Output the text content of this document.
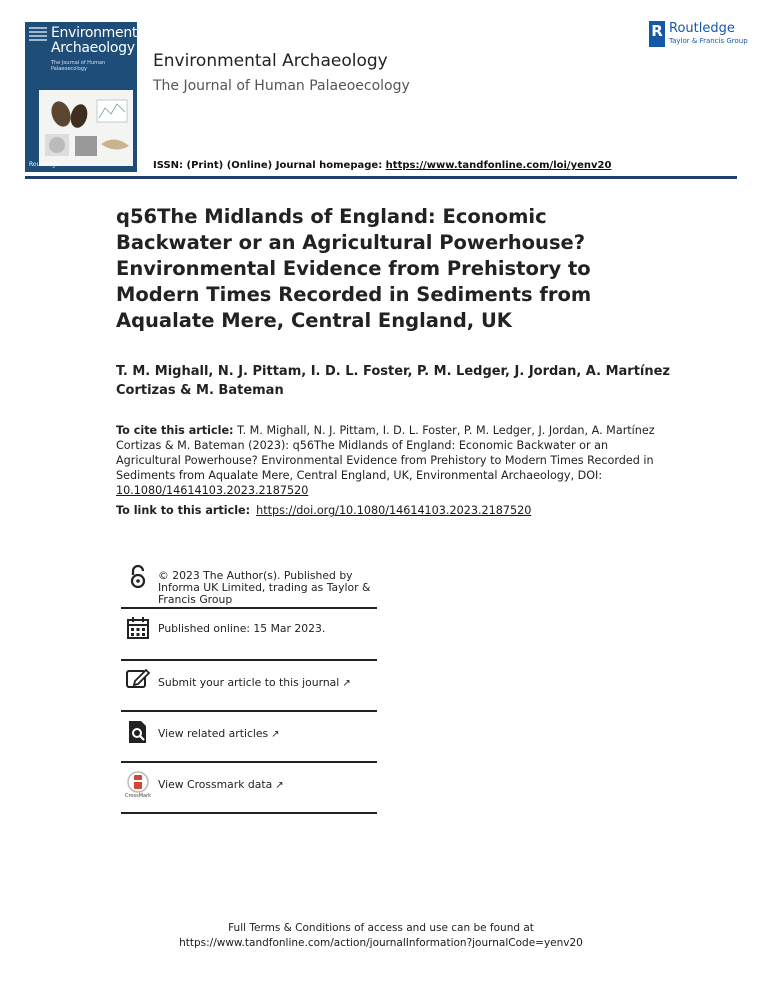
Environmental
Archaeology
The Journal of Human Palaeoecology
Routledge
Environmental Archaeology
The Journal of Human Palaeoecology
ISSN: (Print) (Online) Journal homepage: https://www.tandfonline.com/loi/yenv20
R Routledge
Taylor & Francis Group
q56The Midlands of England: Economic Backwater or an Agricultural Powerhouse? Environmental Evidence from Prehistory to Modern Times Recorded in Sediments from Aqualate Mere, Central England, UK
T. M. Mighall, N. J. Pittam, I. D. L. Foster, P. M. Ledger, J. Jordan, A. Martínez Cortizas & M. Bateman
To cite this article: T. M. Mighall, N. J. Pittam, I. D. L. Foster, P. M. Ledger, J. Jordan, A. Martínez Cortizas & M. Bateman (2023): q56The Midlands of England: Economic Backwater or an Agricultural Powerhouse? Environmental Evidence from Prehistory to Modern Times Recorded in Sediments from Aqualate Mere, Central England, UK, Environmental Archaeology, DOI: 10.1080/14614103.2023.2187520
To link to this article: https://doi.org/10.1080/14614103.2023.2187520
© 2023 The Author(s). Published by Informa UK Limited, trading as Taylor & Francis Group
Published online: 15 Mar 2023.
Submit your article to this journal ↗
View related articles ↗
CrossMark
View Crossmark data ↗
Full Terms & Conditions of access and use can be found at
https://www.tandfonline.com/action/journalInformation?journalCode=yenv20
